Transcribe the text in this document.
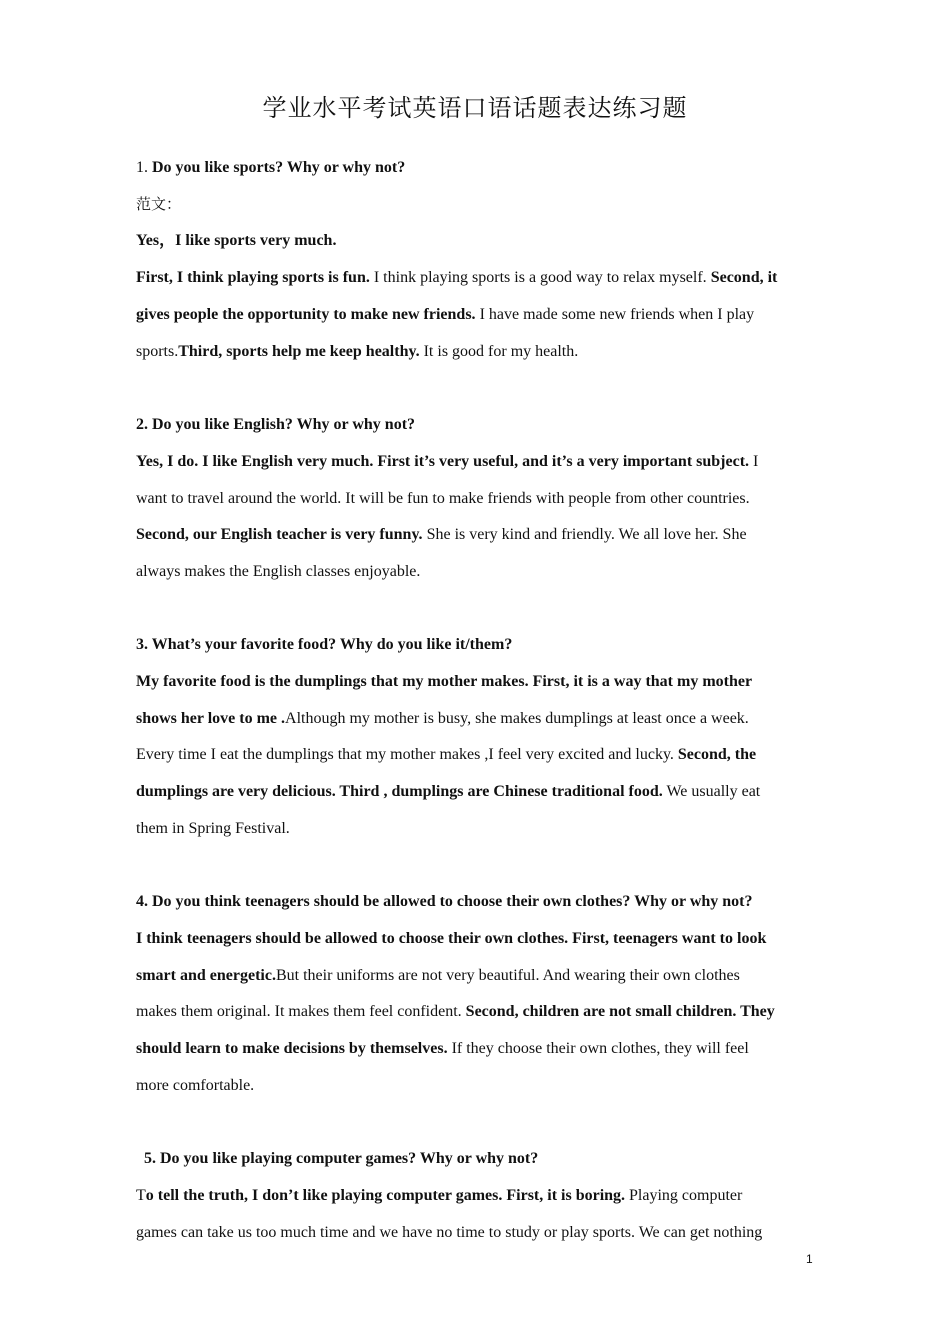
学业水平考试英语口语话题表达练习题
1. Do you like sports? Why or why not?
范文：
Yes，I like sports very much.
First, I think playing sports is fun. I think playing sports is a good way to relax myself. Second, it
gives people the opportunity to make new friends. I have made some new friends when I play
sports.Third, sports help me keep healthy. It is good for my health.
2. Do you like English? Why or why not?
Yes, I do. I like English very much. First it’s very useful, and it’s a very important subject. I
want to travel around the world. It will be fun to make friends with people from other countries.
Second, our English teacher is very funny. She is very kind and friendly. We all love her. She
always makes the English classes enjoyable.
3. What’s your favorite food? Why do you like it/them?
My favorite food is the dumplings that my mother makes. First, it is a way that my mother
shows her love to me .Although my mother is busy, she makes dumplings at least once a week.
Every time I eat the dumplings that my mother makes ,I feel very excited and lucky. Second, the
dumplings are very delicious. Third , dumplings are Chinese traditional food. We usually eat
them in Spring Festival.
4. Do you think teenagers should be allowed to choose their own clothes? Why or why not?
I think teenagers should be allowed to choose their own clothes. First, teenagers want to look
smart and energetic.But their uniforms are not very beautiful. And wearing their own clothes
makes them original. It makes them feel confident. Second, children are not small children. They
should learn to make decisions by themselves. If they choose their own clothes, they will feel
more comfortable.
5. Do you like playing computer games? Why or why not?
To tell the truth, I don’t like playing computer games. First, it is boring. Playing computer
games can take us too much time and we have no time to study or play sports. We can get nothing
1
